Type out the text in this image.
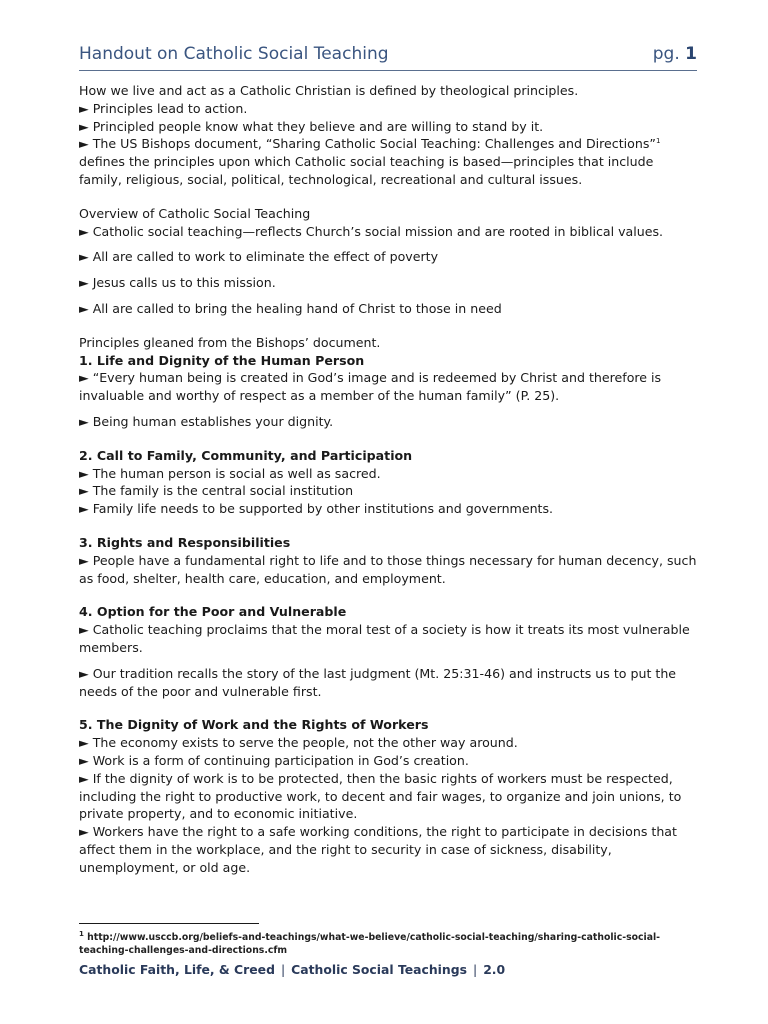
Handout on Catholic Social Teaching	pg. 1

How we live and act as a Catholic Christian is defined by theological principles.

► Principles lead to action.

► Principled people know what they believe and are willing to stand by it.

► The US Bishops document, “Sharing Catholic Social Teaching: Challenges and Directions”$^1$

defines the principles upon which Catholic social teaching is based—principles that include family, religious, social, political, technological, recreational and cultural issues.

Overview of Catholic Social Teaching

► Catholic social teaching—reflects Church’s social mission and are rooted in biblical values.

► All are called to work to eliminate the effect of poverty

► Jesus calls us to this mission.

► All are called to bring the healing hand of Christ to those in need

Principles gleaned from the Bishops’ document.

1. Life and Dignity of the Human Person

► “Every human being is created in God’s image and is redeemed by Christ and therefore is invaluable and worthy of respect as a member of the human family” (P. 25).

► Being human establishes your dignity.

2. Call to Family, Community, and Participation

► The human person is social as well as sacred.

► The family is the central social institution

► Family life needs to be supported by other institutions and governments.

3. Rights and Responsibilities

► People have a fundamental right to life and to those things necessary for human decency, such as food, shelter, health care, education, and employment.

4. Option for the Poor and Vulnerable

► Catholic teaching proclaims that the moral test of a society is how it treats its most vulnerable members.

► Our tradition recalls the story of the last judgment (Mt. 25:31-46) and instructs us to put the needs of the poor and vulnerable first.

5. The Dignity of Work and the Rights of Workers

► The economy exists to serve the people, not the other way around.

► Work is a form of continuing participation in God’s creation.

► If the dignity of work is to be protected, then the basic rights of workers must be respected, including the right to productive work, to decent and fair wages, to organize and join unions, to private property, and to economic initiative.

► Workers have the right to a safe working conditions, the right to participate in decisions that affect them in the workplace, and the right to security in case of sickness, disability, unemployment, or old age.

$^1$ http://www.usccb.org/beliefs-and-teachings/what-we-believe/catholic-social-teaching/sharing-catholic-social-teaching-challenges-and-directions.cfm
Catholic Faith, Life, & Creed | Catholic Social Teachings | 2.0
